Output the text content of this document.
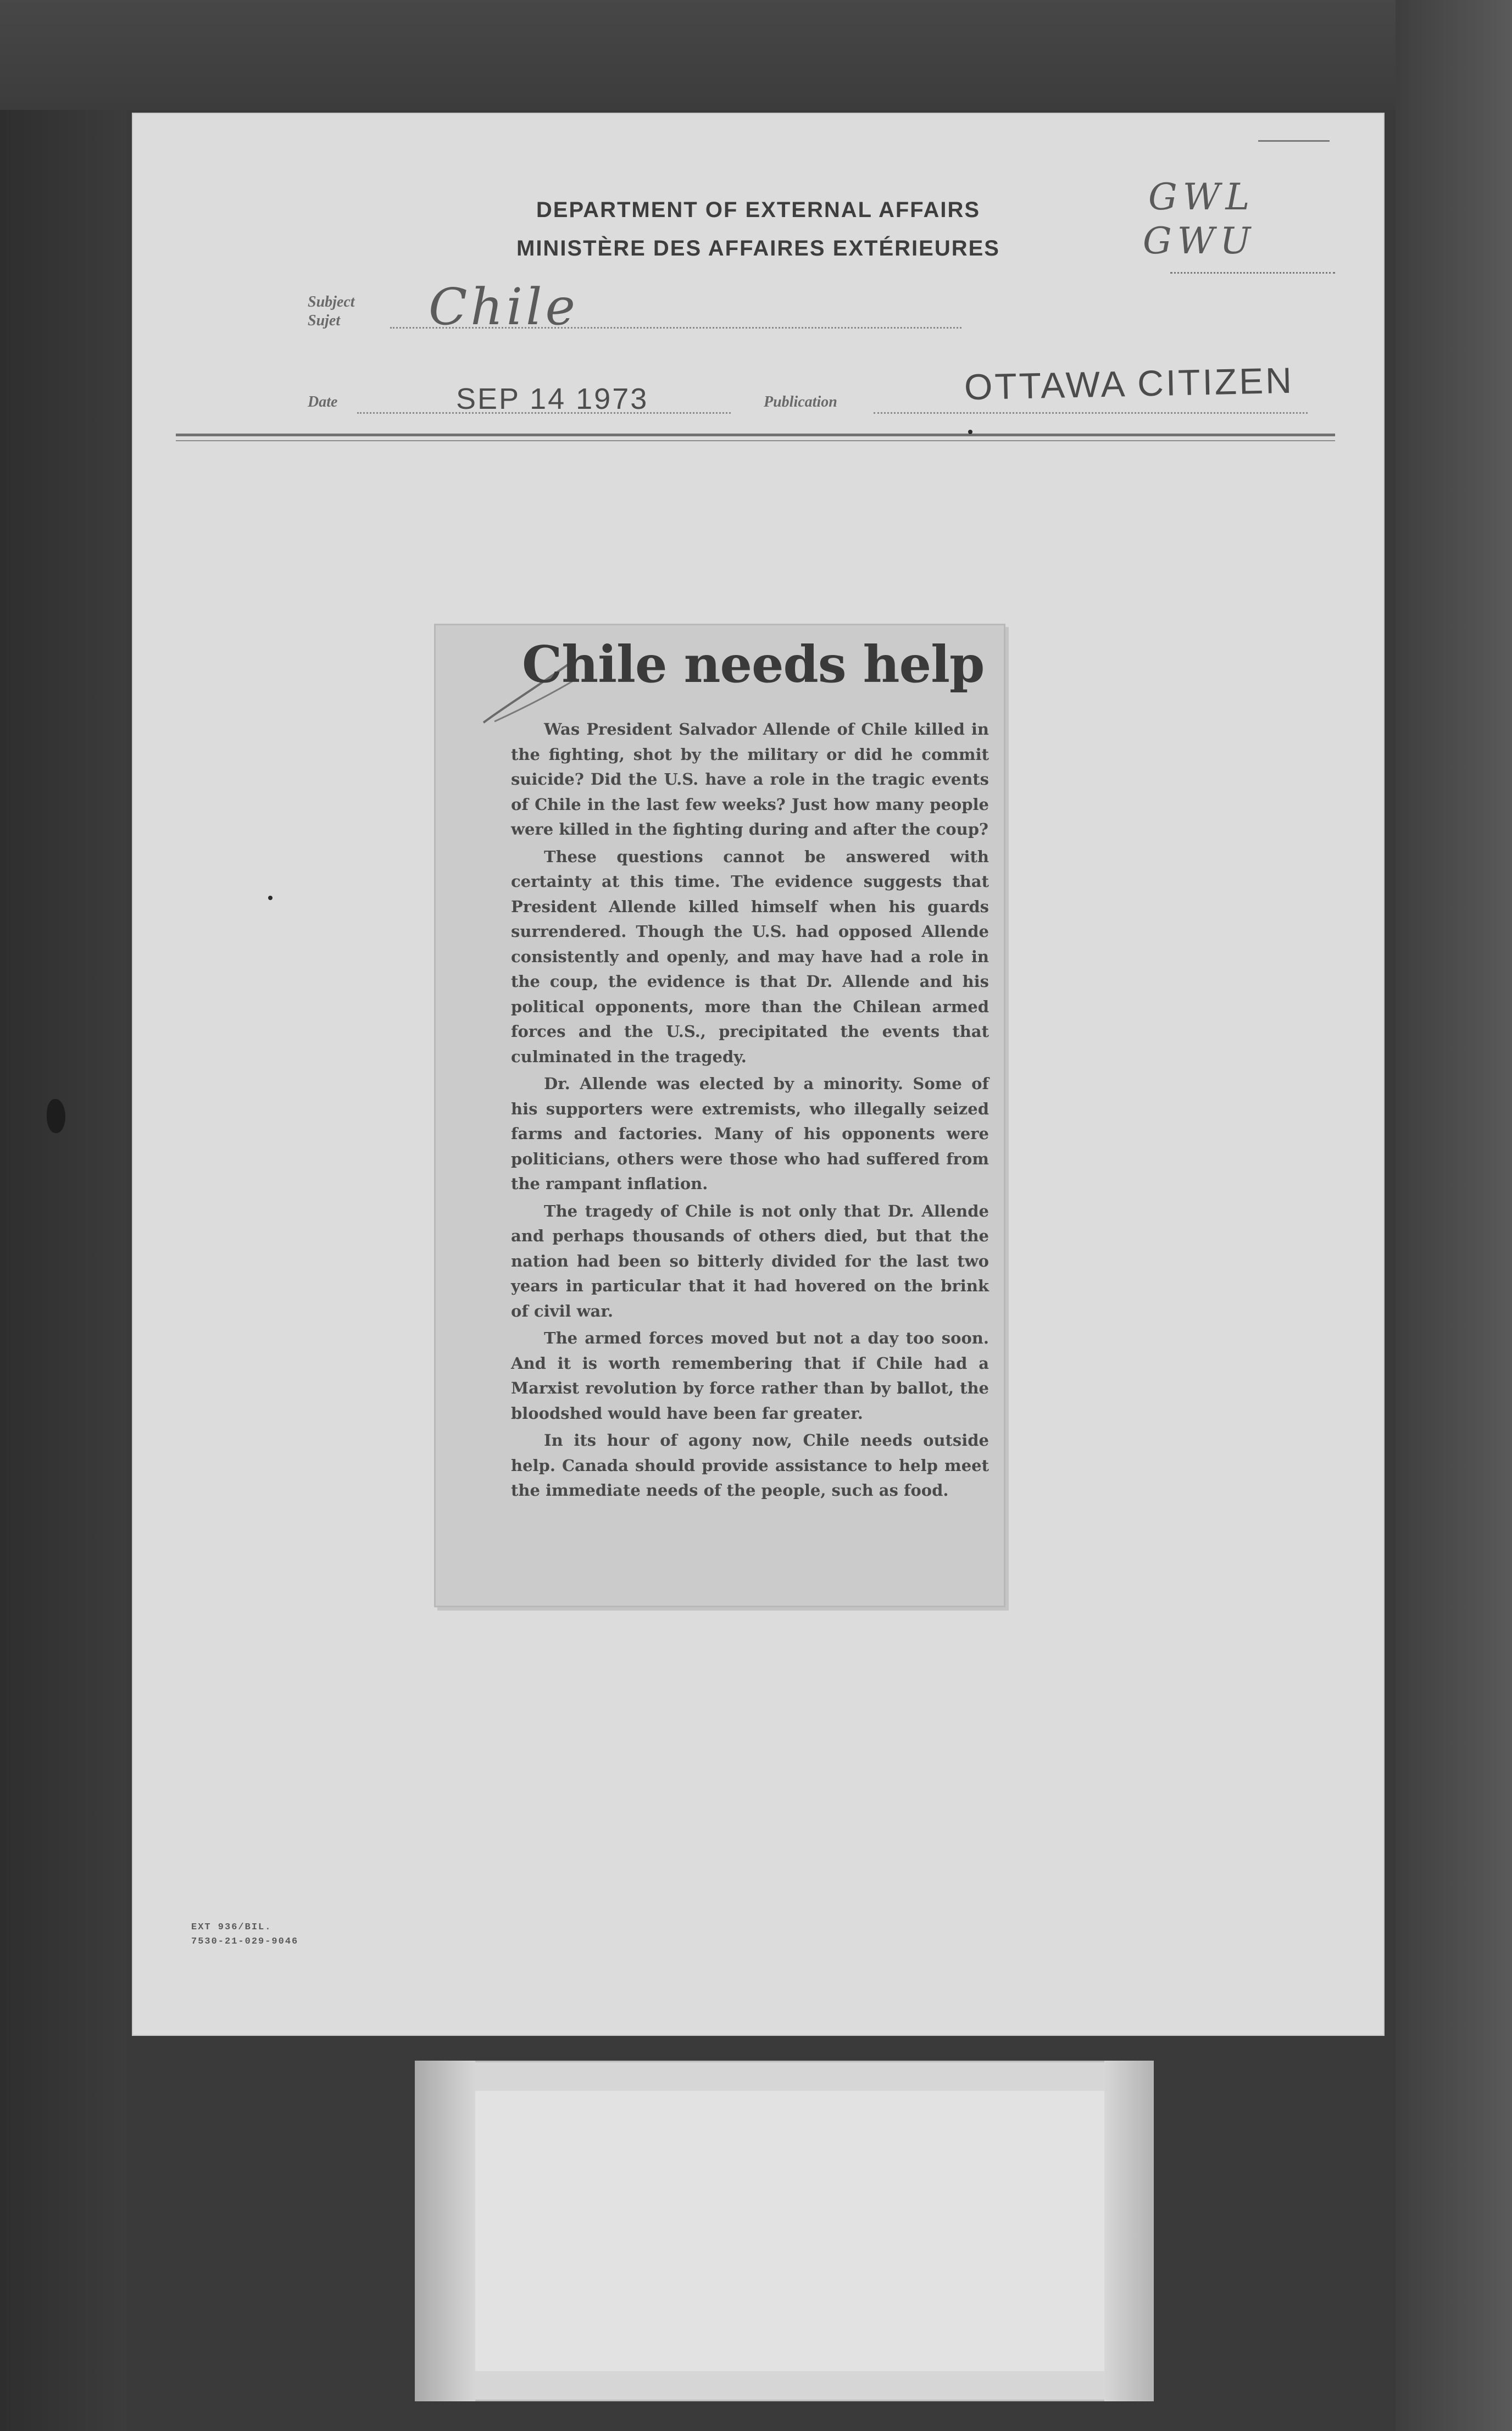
DEPARTMENT OF EXTERNAL AFFAIRS
MINISTÈRE DES AFFAIRES EXTÉRIEURES
GWL
GWU
Subject
Sujet Chile
Date	SEP 14 1973	Publication	OTTAWA CITIZEN
Chile needs help

Was President Salvador Allende of Chile killed in the fighting, shot by the military or did he commit suicide? Did the U.S. have a role in the tragic events of Chile in the last few weeks? Just how many people were killed in the fighting during and after the coup?

These questions cannot be answered with certainty at this time. The evidence suggests that President Allende killed himself when his guards surrendered. Though the U.S. had opposed Allende consistently and openly, and may have had a role in the coup, the evidence is that Dr. Allende and his political opponents, more than the Chilean armed forces and the U.S., precipitated the events that culminated in the tragedy.

Dr. Allende was elected by a minority. Some of his supporters were extremists, who illegally seized farms and factories. Many of his opponents were politicians, others were those who had suffered from the rampant inflation.

The tragedy of Chile is not only that Dr. Allende and perhaps thousands of others died, but that the nation had been so bitterly divided for the last two years in particular that it had hovered on the brink of civil war.

The armed forces moved but not a day too soon. And it is worth remembering that if Chile had a Marxist revolution by force rather than by ballot, the bloodshed would have been far greater.

In its hour of agony now, Chile needs outside help. Canada should provide assistance to help meet the immediate needs of the people, such as food.

EXT 936/BIL.
7530-21-029-9046
